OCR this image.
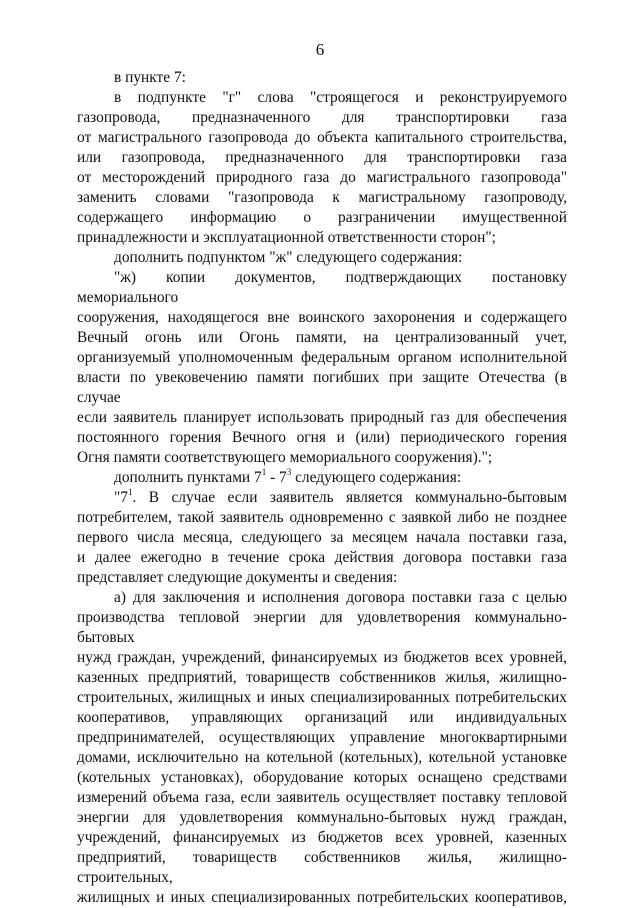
6

в пункте 7:

в подпункте "г" слова "строящегося и реконструируемого

газопровода, предназначенного для транспортировки газа

от магистрального газопровода до объекта капитального строительства,

или газопровода, предназначенного для транспортировки газа

от месторождений природного газа до магистрального газопровода"

заменить словами "газопровода к магистральному газопроводу,

содержащего информацию о разграничении имущественной

принадлежности и эксплуатационной ответственности сторон";

дополнить подпунктом "ж" следующего содержания:

"ж) копии документов, подтверждающих постановку мемориального

сооружения, находящегося вне воинского захоронения и содержащего

Вечный огонь или Огонь памяти, на централизованный учет,

организуемый уполномоченным федеральным органом исполнительной

власти по увековечению памяти погибших при защите Отечества (в случае

если заявитель планирует использовать природный газ для обеспечения

постоянного горения Вечного огня и (или) периодического горения

Огня памяти соответствующего мемориального сооружения).";

дополнить пунктами $7^1 - 7^3$ следующего содержания:

"$7^1$. В случае если заявитель является коммунально-бытовым

потребителем, такой заявитель одновременно с заявкой либо не позднее

первого числа месяца, следующего за месяцем начала поставки газа,

и далее ежегодно в течение срока действия договора поставки газа

представляет следующие документы и сведения:

а) для заключения и исполнения договора поставки газа с целью

производства тепловой энергии для удовлетворения коммунально-бытовых

нужд граждан, учреждений, финансируемых из бюджетов всех уровней,

казенных предприятий, товариществ собственников жилья, жилищно-

строительных, жилищных и иных специализированных потребительских

кооперативов, управляющих организаций или индивидуальных

предпринимателей, осуществляющих управление многоквартирными

домами, исключительно на котельной (котельных), котельной установке

(котельных установках), оборудование которых оснащено средствами

измерений объема газа, если заявитель осуществляет поставку тепловой

энергии для удовлетворения коммунально-бытовых нужд граждан,

учреждений, финансируемых из бюджетов всех уровней, казенных

предприятий, товариществ собственников жилья, жилищно-строительных,

жилищных и иных специализированных потребительских кооперативов,
